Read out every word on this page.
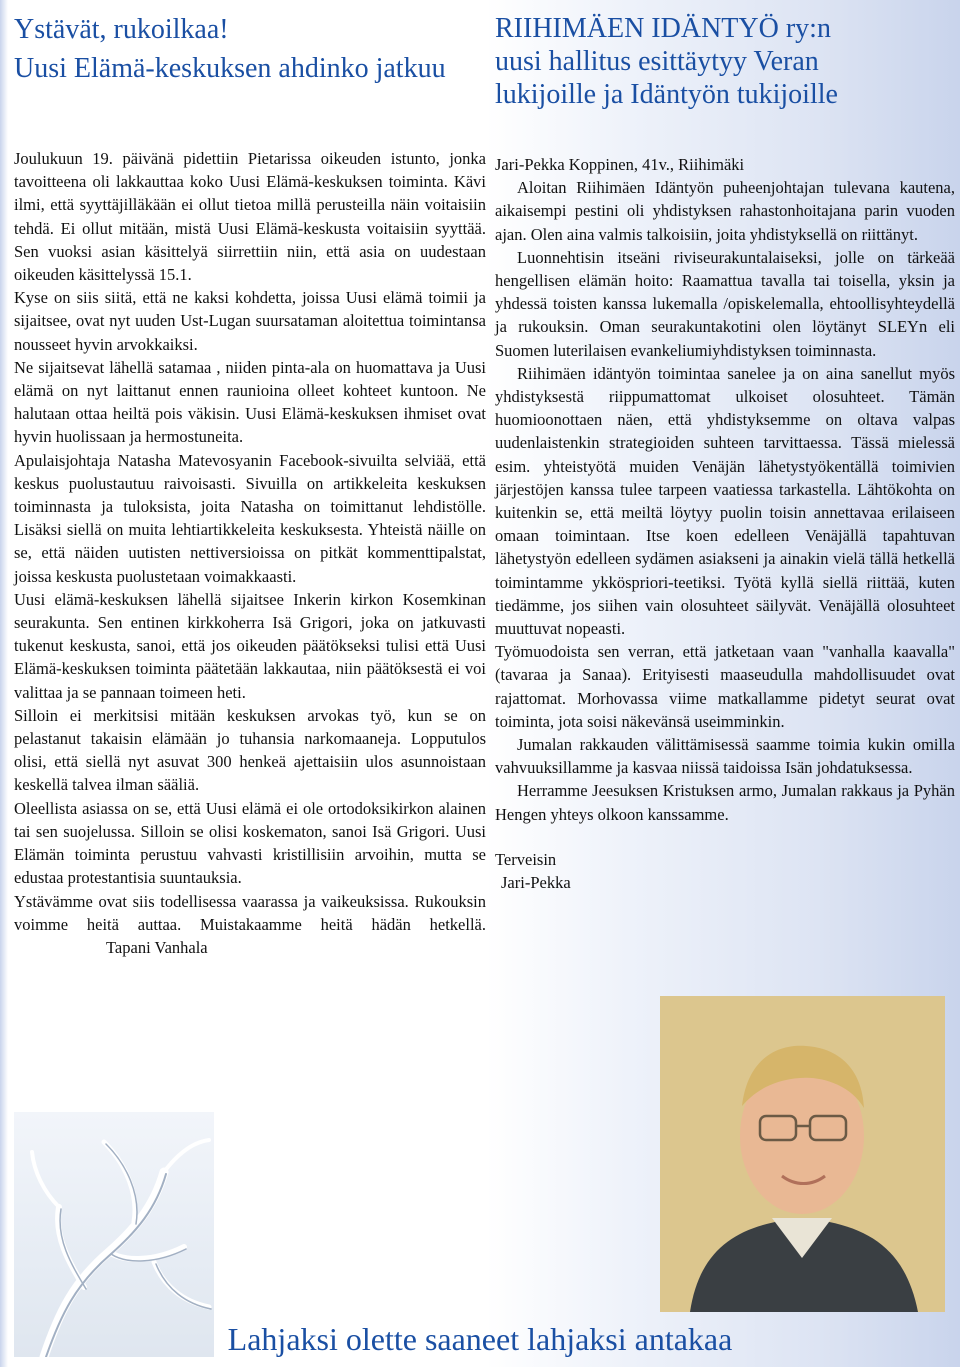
Ystävät, rukoilkaa!
Uusi Elämä-keskuksen ahdinko jatkuu
RIIHIMÄEN IDÄNTYÖ ry:n
uusi hallitus esittäytyy Veran
lukijoille ja Idäntyön tukijoille

Joulukuun 19. päivänä pidettiin Pietarissa oikeuden istunto, jonka tavoitteena oli lakkauttaa koko Uusi Elämä-keskuksen toiminta. Kävi ilmi, että syyttäjilläkään ei ollut tietoa millä perusteilla näin voitaisiin tehdä. Ei ollut mitään, mistä Uusi Elämä-keskusta voitaisiin syyttää. Sen vuoksi asian käsittelyä siirrettiin niin, että asia on uudestaan oikeuden käsittelyssä 15.1.

Kyse on siis siitä, että ne kaksi kohdetta, joissa Uusi elämä toimii ja sijaitsee, ovat nyt uuden Ust-Lugan suursataman aloitettua toimintansa nousseet hyvin arvokkaiksi.

Ne sijaitsevat lähellä satamaa , niiden pinta-ala on huomattava ja Uusi elämä on nyt laittanut ennen raunioina olleet kohteet kuntoon. Ne halutaan ottaa heiltä pois väkisin. Uusi Elämä-keskuksen ihmiset ovat hyvin huolissaan ja hermostuneita.

Apulaisjohtaja Natasha Matevosyanin Facebook-sivuilta selviää, että keskus puolustautuu raivoisasti. Sivuilla on artikkeleita keskuksen toiminnasta ja tuloksista, joita Natasha on toimittanut lehdistölle. Lisäksi siellä on muita lehtiartikkeleita keskuksesta. Yhteistä näille on se, että näiden uutisten nettiversioissa on pitkät kommenttipalstat, joissa keskusta puolustetaan voimakkaasti.

Uusi elämä-keskuksen lähellä sijaitsee Inkerin kirkon Kosemkinan seurakunta. Sen entinen kirkkoherra Isä Grigori, joka on jatkuvasti tukenut keskusta, sanoi, että jos oikeuden päätökseksi tulisi että Uusi Elämä-keskuksen toiminta päätetään lakkautaa, niin päätöksestä ei voi valittaa ja se pannaan toimeen heti.

Silloin ei merkitsisi mitään keskuksen arvokas työ, kun se on pelastanut takaisin elämään jo tuhansia narkomaaneja. Lopputulos olisi, että siellä nyt asuvat 300 henkeä ajettaisiin ulos asunnoistaan keskellä talvea ilman sääliä.

Oleellista asiassa on se, että Uusi elämä ei ole ortodoksikirkon alainen tai sen suojelussa. Silloin se olisi koskematon, sanoi Isä Grigori. Uusi Elämän toiminta perustuu vahvasti kristillisiin arvoihin, mutta se edustaa protestantisia suuntauksia.

Ystävämme ovat siis todellisessa vaarassa ja vaikeuksissa. Rukouksin voimme heitä auttaa. Muistakaamme heitä hädän hetkellä.Tapani Vanhala

Jari-Pekka Koppinen, 41v., Riihimäki

Aloitan Riihimäen Idäntyön puheenjohtajan tulevana kautena, aikaisempi pestini oli yhdistyksen rahastonhoitajana parin vuoden ajan. Olen aina valmis talkoisiin, joita yhdistyksellä on riittänyt.

Luonnehtisin itseäni riviseurakuntalaiseksi, jolle on tärkeää hengellisen elämän hoito: Raamattua tavalla tai toisella, yksin ja yhdessä toisten kanssa lukemalla /opiskelemalla, ehtoollisyhteydellä ja rukouksin. Oman seurakuntakotini olen löytänyt SLEYn eli Suomen luterilaisen evankeliumiyhdistyksen toiminnasta.

Riihimäen idäntyön toimintaa sanelee ja on aina sanellut myös yhdistyksestä riippumattomat ulkoiset olosuhteet. Tämän huomioonottaen näen, että yhdistyksemme on oltava valpas uudenlaistenkin strategioiden suhteen tarvittaessa. Tässä mielessä esim. yhteistyötä muiden Venäjän lähetystyökentällä toimivien järjestöjen kanssa tulee tarpeen vaatiessa tarkastella. Lähtökohta on kuitenkin se, että meiltä löytyy puolin toisin annettavaa erilaiseen omaan toimintaan. Itse koen edelleen Venäjällä tapahtuvan lähetystyön edelleen sydämen asiakseni ja ainakin vielä tällä hetkellä toimintamme ykköspriori-teetiksi. Työtä kyllä siellä riittää, kuten tiedämme, jos siihen vain olosuhteet säilyvät. Venäjällä olosuhteet muuttuvat nopeasti.

Työmuodoista sen verran, että jatketaan vaan "vanhalla kaavalla" (tavaraa ja Sanaa). Erityisesti maaseudulla mahdollisuudet ovat rajattomat. Morhovassa viime matkallamme pidetyt seurat ovat toiminta, jota soisi näkevänsä useimminkin.

Jumalan rakkauden välittämisessä saamme toimia kukin omilla vahvuuksillamme ja kasvaa niissä taidoissa Isän johdatuksessa.

Herramme Jeesuksen Kristuksen armo, Jumalan rakkaus ja Pyhän Hengen yhteys olkoon kanssamme.

Terveisin

Jari-Pekka

Lahjaksi olette saaneet lahjaksi antakaa
